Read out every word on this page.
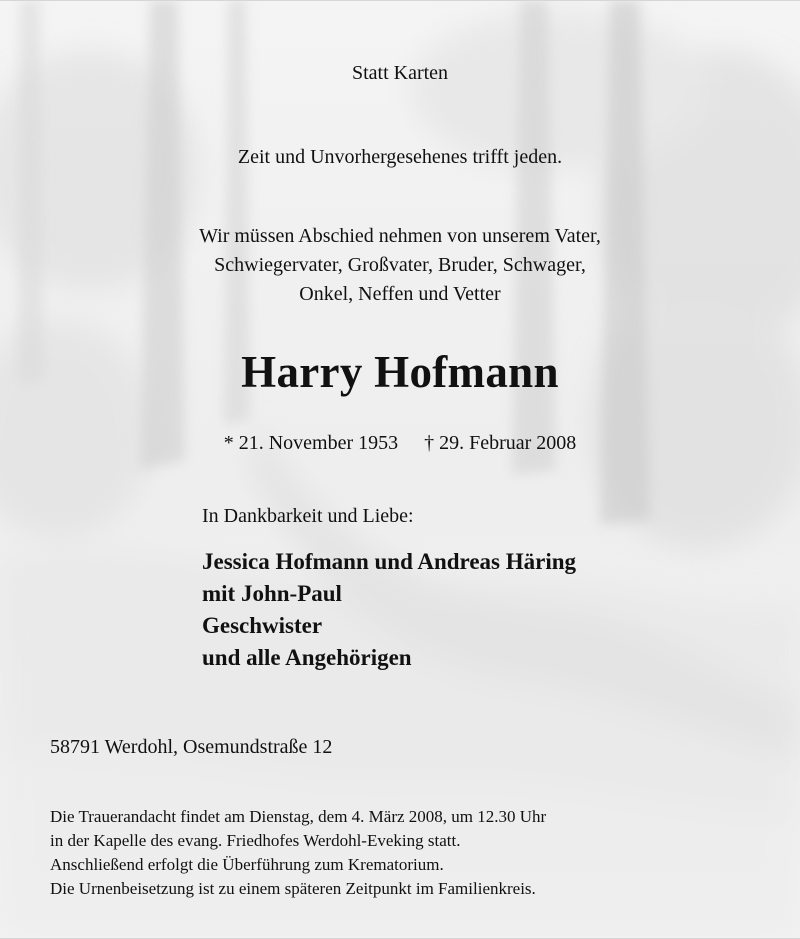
Statt Karten

Zeit und Unvorhergesehenes trifft jeden.

Wir müssen Abschied nehmen von unserem Vater,
Schwiegervater, Großvater, Bruder, Schwager,
Onkel, Neffen und Vetter

Harry Hofmann

* 21. November 1953 † 29. Februar 2008

In Dankbarkeit und Liebe:

Jessica Hofmann und Andreas Häring
mit John-Paul
Geschwister
und alle Angehörigen

58791 Werdohl, Osemundstraße 12

Die Trauerandacht findet am Dienstag, dem 4. März 2008, um 12.30 Uhr
in der Kapelle des evang. Friedhofes Werdohl-Eveking statt.
Anschließend erfolgt die Überführung zum Krematorium.
Die Urnenbeisetzung ist zu einem späteren Zeitpunkt im Familienkreis.
